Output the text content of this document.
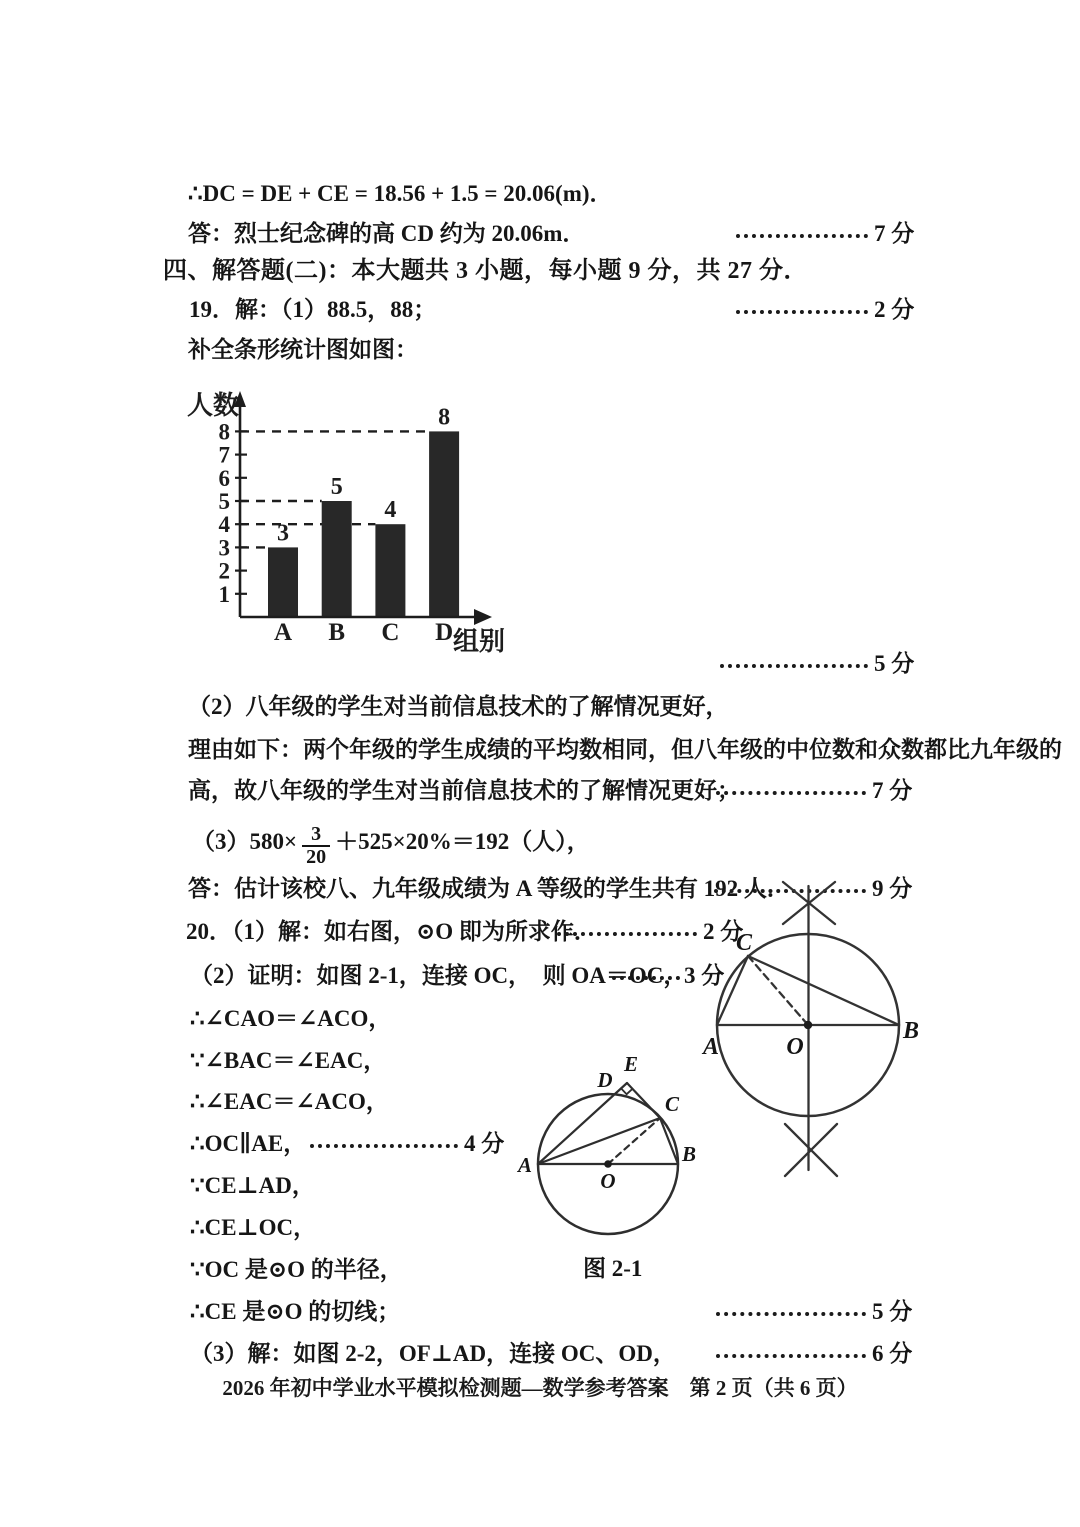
∴DC = DE + CE = 18.56 + 1.5 = 20.06(m)．
答：烈士纪念碑的高 CD 约为 20.06m．	7 分
四、解答题(二)：本大题共 3 小题，每小题 9 分，共 27 分．
19．解：（1）88.5，88；	2 分
补全条形统计图如图：
3
A
5
B
4
C
8
D
1
2
3
4
5
6
7
8
人数
组别
5 分
（2）八年级的学生对当前信息技术的了解情况更好，
理由如下：两个年级的学生成绩的平均数相同，但八年级的中位数和众数都比九年级的
高，故八年级的学生对当前信息技术的了解情况更好；	7 分
$(3)580\times \frac{3}{20} +525\times 20\%=192$（人），
答：估计该校八、九年级成绩为 A 等级的学生共有 192 人．	9 分
20．（1）解：如右图，⊙O 即为所求作．	2 分
（2）证明：如图 2-1，连接 OC，　则 OA＝OC，
3 分
∴∠CAO＝∠ACO，
∵∠BAC＝∠EAC，
∴∠EAC＝∠ACO，
∴OC∥AE，	4 分
∵CE⊥AD，
∴CE⊥OC，
∵OC 是⊙O 的半径，	图 2-1
∴CE 是⊙O 的切线；	5 分
（3）解：如图 2-2，OF⊥AD，连接 OC、OD，	6 分
2026 年初中学业水平模拟检测题—数学参考答案　第 2 页（共 6 页）
C
A
B
O
D
E
C
A	B
O
